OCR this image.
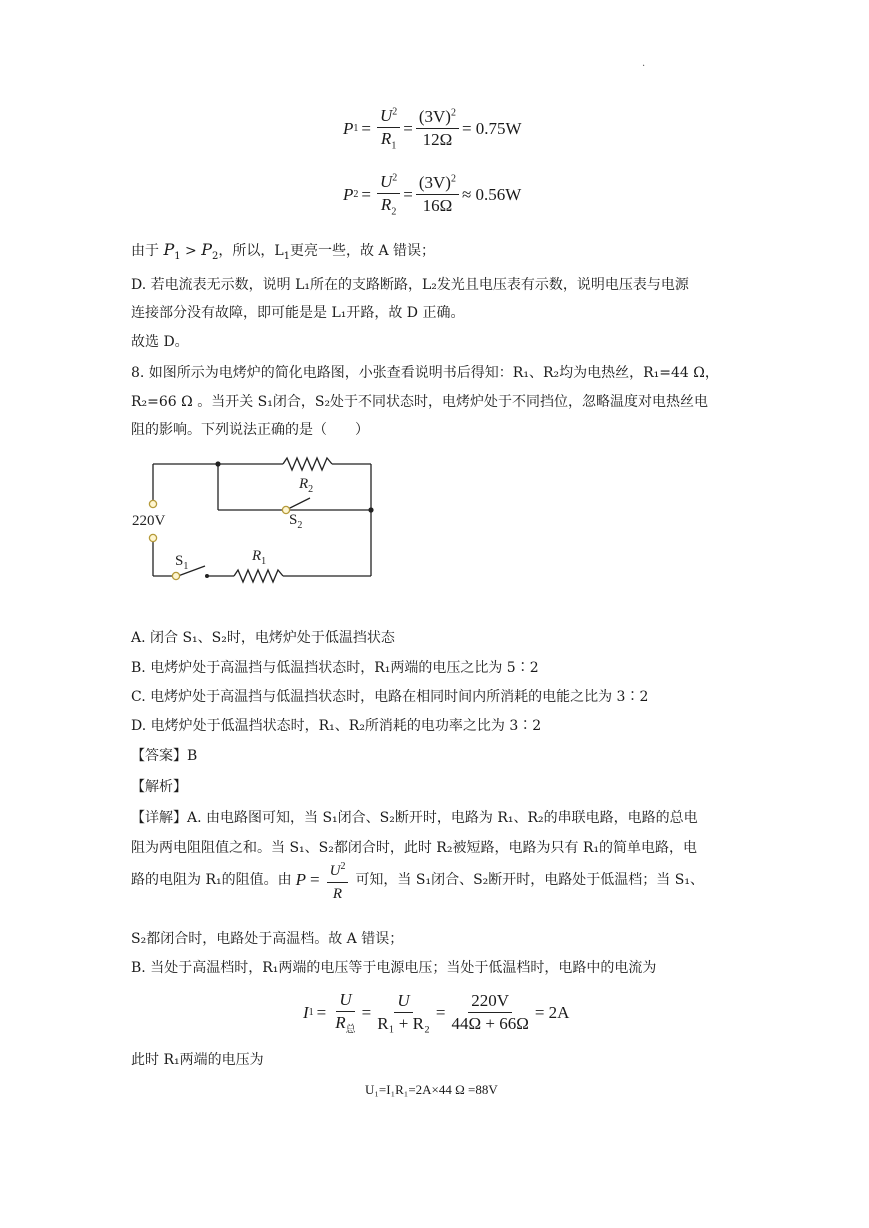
.
P $1 = \frac{U^2}{R_1} = \frac{(3V)^2}{12\Omega} = 0.75W$
P $2 = \frac{U^2}{R_2} = \frac{(3V)^2}{16\Omega} \approx 0.56W$
由于 $P_1 > P_2$，所以，$L_1$更亮一些，故 A 错误；
D. 若电流表无示数，说明 L₁所在的支路断路，L₂发光且电压表有示数，说明电压表与电源
连接部分没有故障，即可能是是 L₁开路，故 D 正确。
故选 D。
8. 如图所示为电烤炉的简化电路图，小张查看说明书后得知：R₁、R₂均为电热丝，R₁=44 Ω，
R₂=66 Ω 。当开关 S₁闭合，S₂处于不同状态时，电烤炉处于不同挡位，忽略温度对电热丝电
阻的影响。下列说法正确的是（　　）
$R_2$
$S_2$
220V
$S_1$
$R_1$
A. 闭合 S₁、S₂时，电烤炉处于低温挡状态
B. 电烤炉处于高温挡与低温挡状态时，R₁两端的电压之比为 5∶2
C. 电烤炉处于高温挡与低温挡状态时，电路在相同时间内所消耗的电能之比为 3∶2
D. 电烤炉处于低温挡状态时，R₁、R₂所消耗的电功率之比为 3∶2
【答案】B
【解析】
【详解】A. 由电路图可知，当 S₁闭合、S₂断开时，电路为 R₁、R₂的串联电路，电路的总电
阻为两电阻阻值之和。当 S₁、S₂都闭合时，此时 R₂被短路，电路为只有 R₁的简单电路，电
路的电阻为 R₁的阻值。由 $P = \frac{U^2}{R}$ 可知，当 S₁闭合、S₂断开时，电路处于低温档；当 S₁、
S₂都闭合时，电路处于高温档。故 A 错误；
B. 当处于高温档时，R₁两端的电压等于电源电压；当处于低温档时，电路中的电流为
I $1 = \frac{U}{R_总} = \frac{U}{\text{R₁ + R₂}} = \frac{220V}{44\Omega + 66\Omega} = 2A$
此时 R₁两端的电压为
U₁=I₁R₁=2A×44 Ω =88V
